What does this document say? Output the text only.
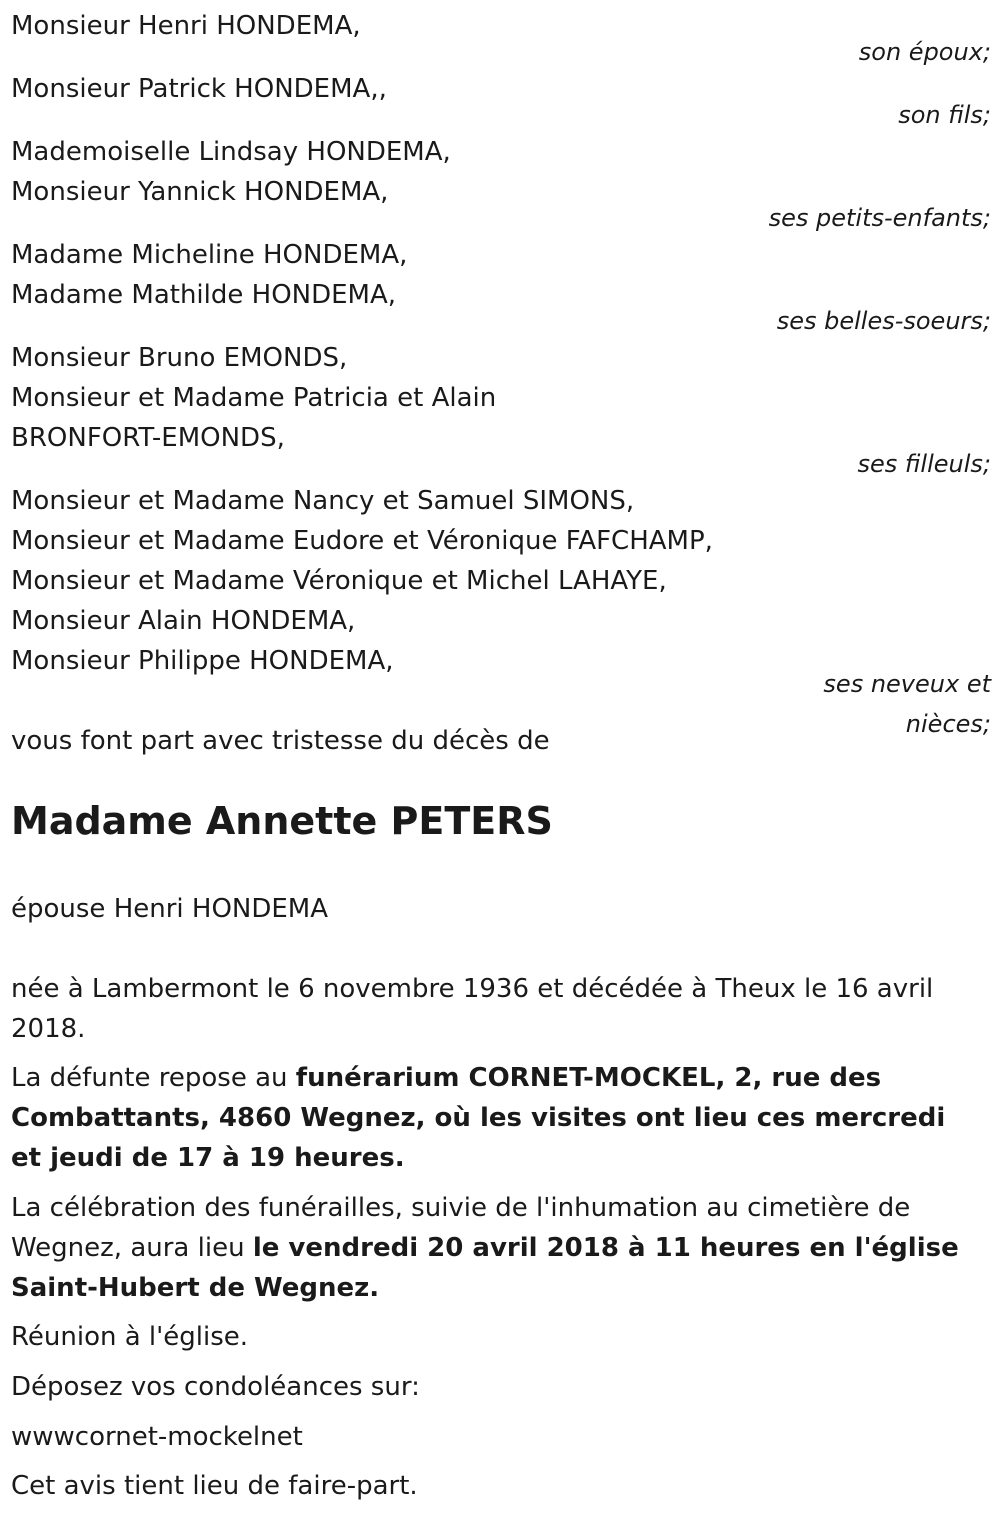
Monsieur Henri HONDEMA,
son époux;
Monsieur Patrick HONDEMA,,
son fils;
Mademoiselle Lindsay HONDEMA,
Monsieur Yannick HONDEMA,
ses petits-enfants;
Madame Micheline HONDEMA,
Madame Mathilde HONDEMA,
ses belles-soeurs;
Monsieur Bruno EMONDS,
Monsieur et Madame Patricia et Alain
BRONFORT-EMONDS,
ses filleuls;
Monsieur et Madame Nancy et Samuel SIMONS,
Monsieur et Madame Eudore et Véronique FAFCHAMP,
Monsieur et Madame Véronique et Michel LAHAYE,
Monsieur Alain HONDEMA,
Monsieur Philippe HONDEMA,
ses neveux et
nièces;
vous font part avec tristesse du décès de
Madame Annette PETERS
épouse Henri HONDEMA
née à Lambermont le 6 novembre 1936 et décédée à Theux le 16 avril 2018.
La défunte repose au funérarium CORNET-MOCKEL, 2, rue des Combattants, 4860 Wegnez, où les visites ont lieu ces mercredi et jeudi de 17 à 19 heures.
La célébration des funérailles, suivie de l'inhumation au cimetière de Wegnez, aura lieu le vendredi 20 avril 2018 à 11 heures en l'église Saint-Hubert de Wegnez.
Réunion à l'église.
Déposez vos condoléances sur:
wwwcornet-mockelnet
Cet avis tient lieu de faire-part.
